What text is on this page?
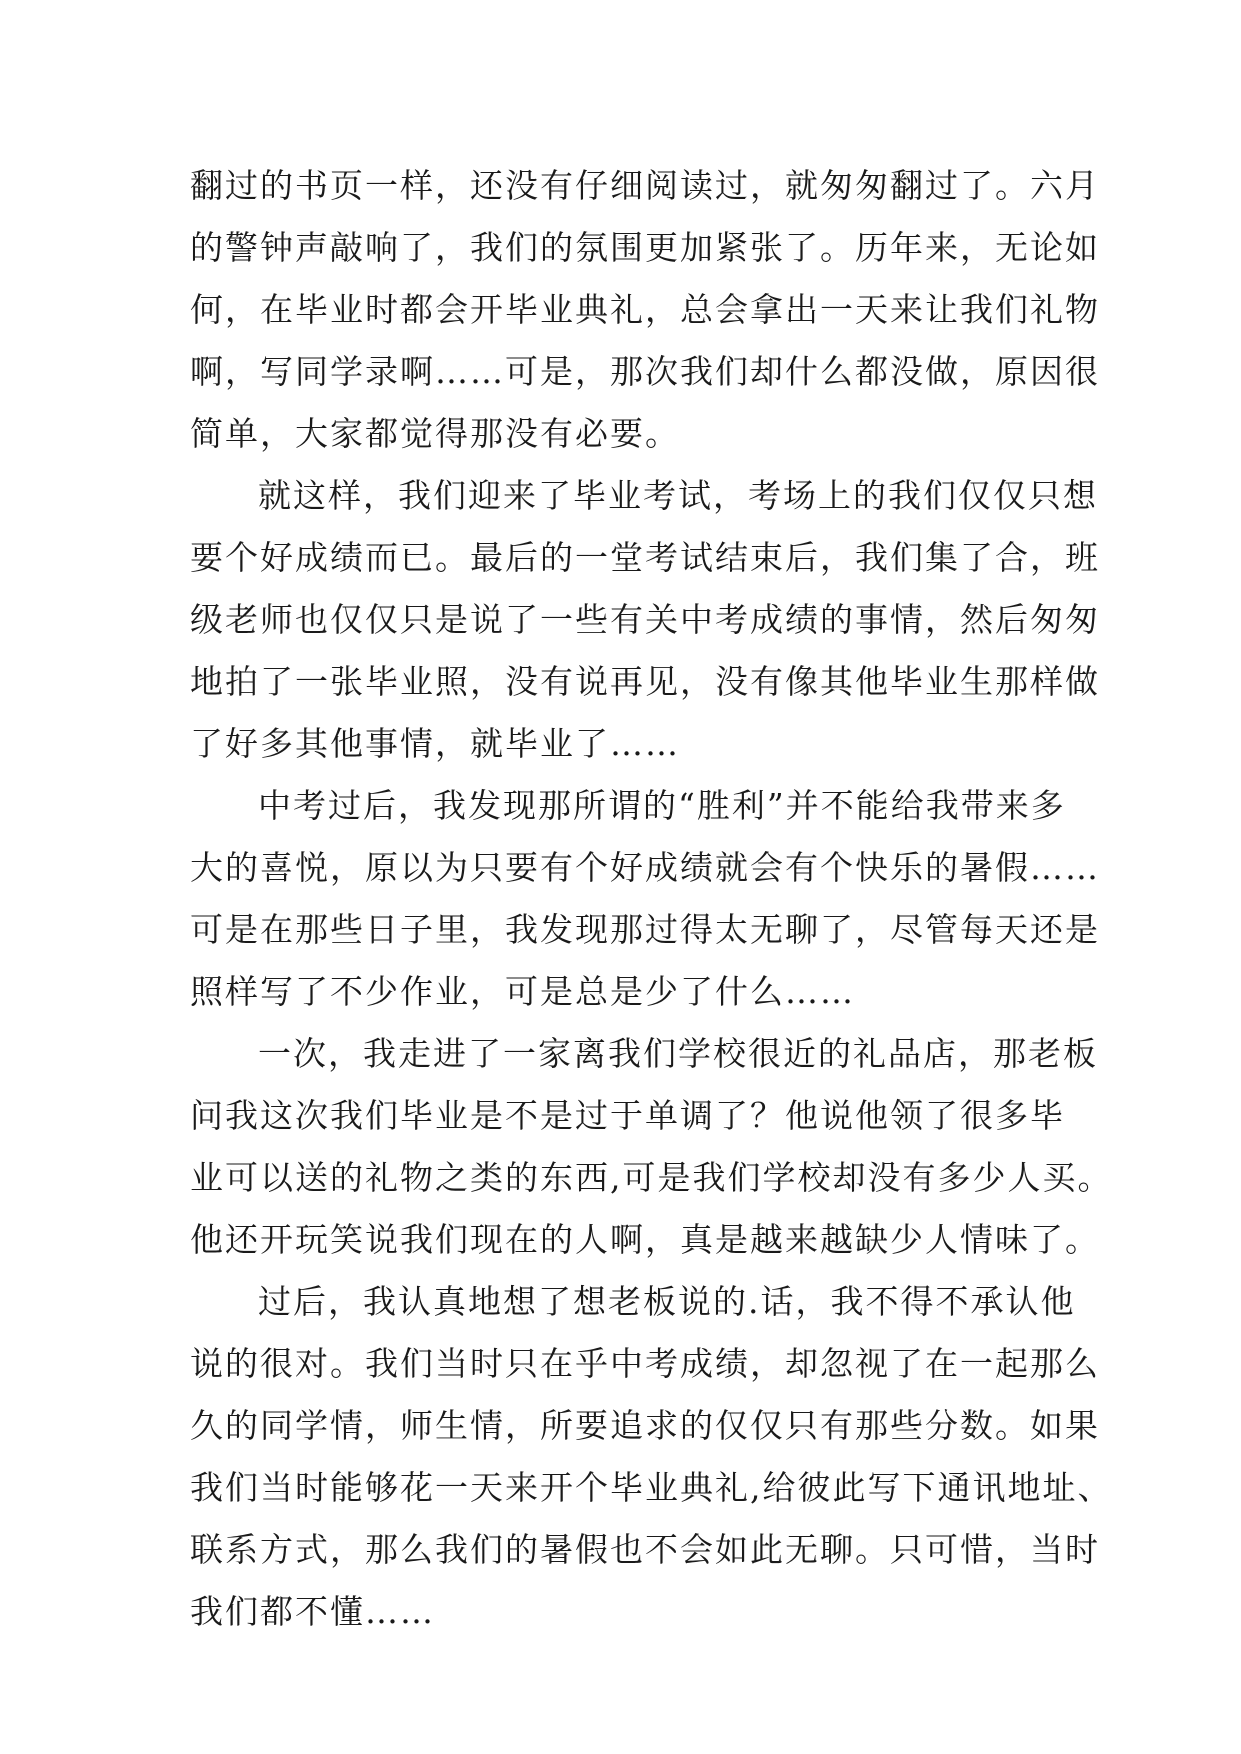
翻过的书页一样，还没有仔细阅读过，就匆匆翻过了。六月
的警钟声敲响了，我们的氛围更加紧张了。历年来，无论如
何，在毕业时都会开毕业典礼，总会拿出一天来让我们礼物
啊，写同学录啊……可是，那次我们却什么都没做，原因很
简单，大家都觉得那没有必要。
就这样，我们迎来了毕业考试，考场上的我们仅仅只想
要个好成绩而已。最后的一堂考试结束后，我们集了合，班
级老师也仅仅只是说了一些有关中考成绩的事情，然后匆匆
地拍了一张毕业照，没有说再见，没有像其他毕业生那样做
了好多其他事情，就毕业了……
中考过后，我发现那所谓的“胜利”并不能给我带来多
大的喜悦，原以为只要有个好成绩就会有个快乐的暑假……
可是在那些日子里，我发现那过得太无聊了，尽管每天还是
照样写了不少作业，可是总是少了什么……
一次，我走进了一家离我们学校很近的礼品店，那老板
问我这次我们毕业是不是过于单调了？他说他领了很多毕
业可以送的礼物之类的东西,可是我们学校却没有多少人买。
他还开玩笑说我们现在的人啊，真是越来越缺少人情味了。
过后，我认真地想了想老板说的.话，我不得不承认他
说的很对。我们当时只在乎中考成绩，却忽视了在一起那么
久的同学情，师生情，所要追求的仅仅只有那些分数。如果
我们当时能够花一天来开个毕业典礼,给彼此写下通讯地址、
联系方式，那么我们的暑假也不会如此无聊。只可惜，当时
我们都不懂……
